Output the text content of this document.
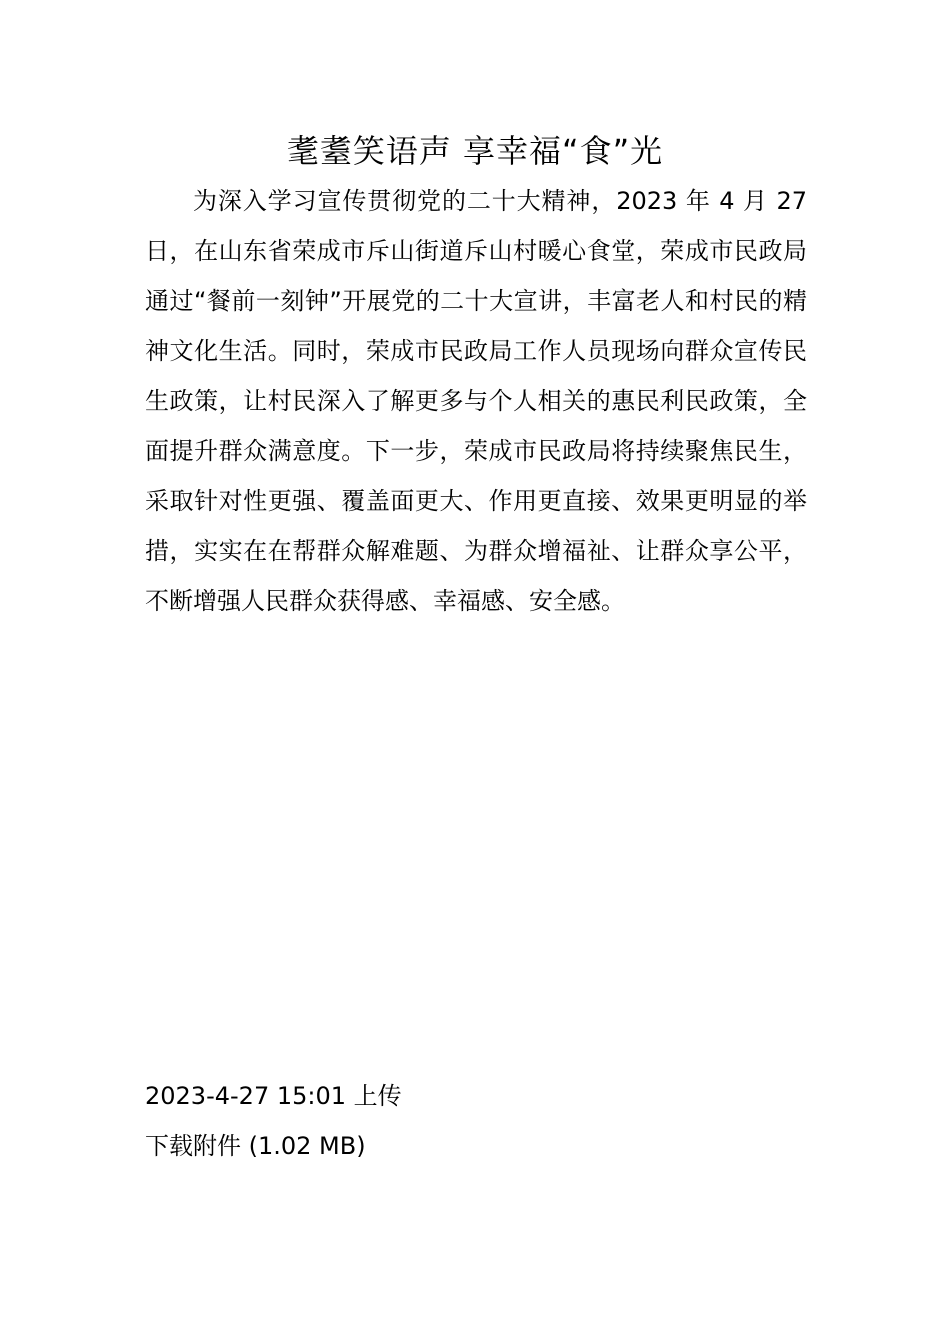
耄耋笑语声 享幸福“食”光

为深入学习宣传贯彻党的二十大精神，2023 年 4 月 27 日，在山东省荣成市斥山街道斥山村暖心食堂，荣成市民政局通过“餐前一刻钟”开展党的二十大宣讲，丰富老人和村民的精神文化生活。同时，荣成市民政局工作人员现场向群众宣传民生政策，让村民深入了解更多与个人相关的惠民利民政策，全面提升群众满意度。下一步，荣成市民政局将持续聚焦民生，采取针对性更强、覆盖面更大、作用更直接、效果更明显的举措，实实在在帮群众解难题、为群众增福祉、让群众享公平，不断增强人民群众获得感、幸福感、安全感。

2023-4-27 15:01 上传
下载附件 (1.02 MB)
